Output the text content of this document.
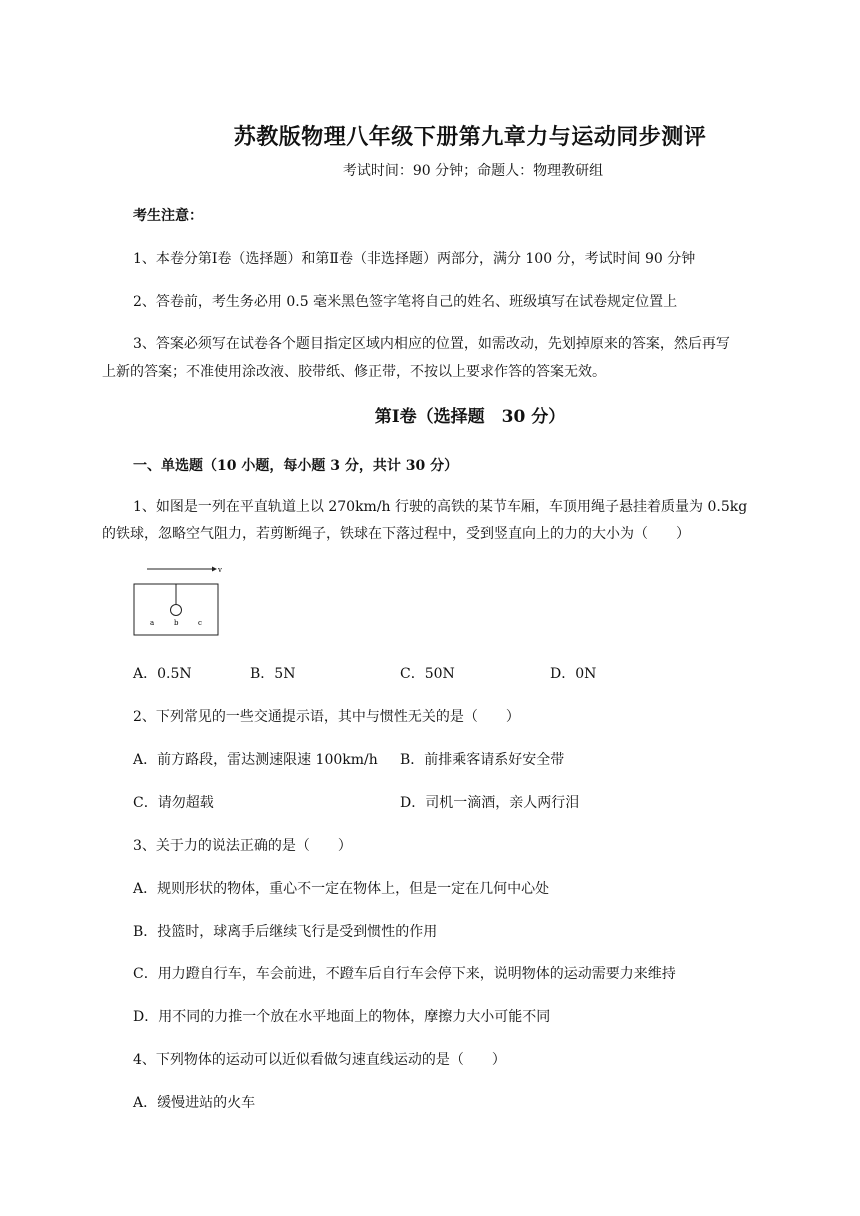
苏教版物理八年级下册第九章力与运动同步测评
考试时间：90 分钟；命题人：物理教研组
考生注意：
1、本卷分第Ⅰ卷（选择题）和第Ⅱ卷（非选择题）两部分，满分 100 分，考试时间 90 分钟
2、答卷前，考生务必用 0.5 毫米黑色签字笔将自己的姓名、班级填写在试卷规定位置上
3、答案必须写在试卷各个题目指定区域内相应的位置，如需改动，先划掉原来的答案，然后再写
上新的答案；不准使用涂改液、胶带纸、修正带，不按以上要求作答的答案无效。
第Ⅰ卷（选择题　30 分）
一、单选题（10 小题，每小题 3 分，共计 30 分）
1、如图是一列在平直轨道上以 270km/h 行驶的高铁的某节车厢，车顶用绳子悬挂着质量为 0.5kg
的铁球，忽略空气阻力，若剪断绳子，铁球在下落过程中，受到竖直向上的力的大小为（　　）
v
a	b	c
A．0.5N	B．5N	C．50N	D．0N
2、下列常见的一些交通提示语，其中与惯性无关的是（　　）
A．前方路段，雷达测速限速 100km/h B．前排乘客请系好安全带
C．请勿超载	D．司机一滴酒，亲人两行泪
3、关于力的说法正确的是（　　）
A．规则形状的物体，重心不一定在物体上，但是一定在几何中心处
B．投篮时，球离手后继续飞行是受到惯性的作用
C．用力蹬自行车，车会前进，不蹬车后自行车会停下来，说明物体的运动需要力来维持
D．用不同的力推一个放在水平地面上的物体，摩擦力大小可能不同
4、下列物体的运动可以近似看做匀速直线运动的是（　　）
A．缓慢进站的火车
